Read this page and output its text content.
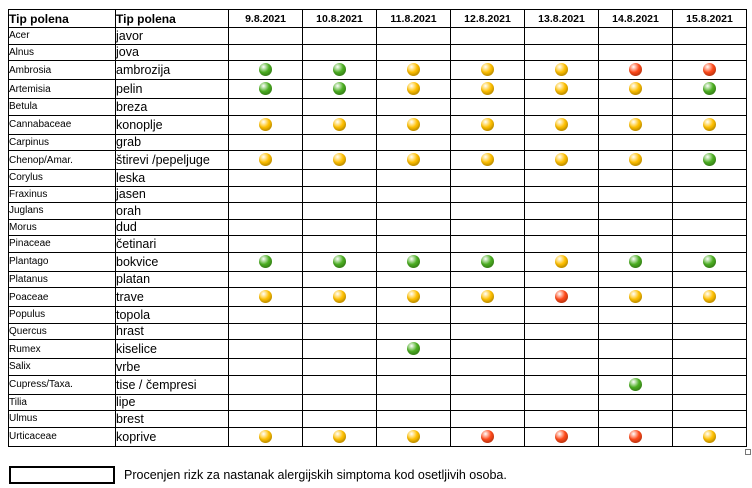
Tip polena	Tip polena	9.8.2021	10.8.2021	11.8.2021	12.8.2021	13.8.2021	14.8.2021	15.8.2021
Acer	javor							
Alnus	jova							
Ambrosia	ambrozija							
Artemisia	pelin							
Betula	breza							
Cannabaceae	konoplje							
Carpinus	grab							
Chenop/Amar.	štirevi /pepeljuge							
Corylus	leska							
Fraxinus	jasen							
Juglans	orah							
Morus	dud							
Pinaceae	četinari							
Plantago	bokvice							
Platanus	platan							
Poaceae	trave							
Populus	topola							
Quercus	hrast							
Rumex	kiselice							
Salix	vrbe							
Cupress/Taxa.	tise / čempresi							
Tilia	lipe							
Ulmus	brest							
Urticaceae	koprive							
Procenjen rizk za nastanak alergijskih simptoma kod osetljivih osoba.
